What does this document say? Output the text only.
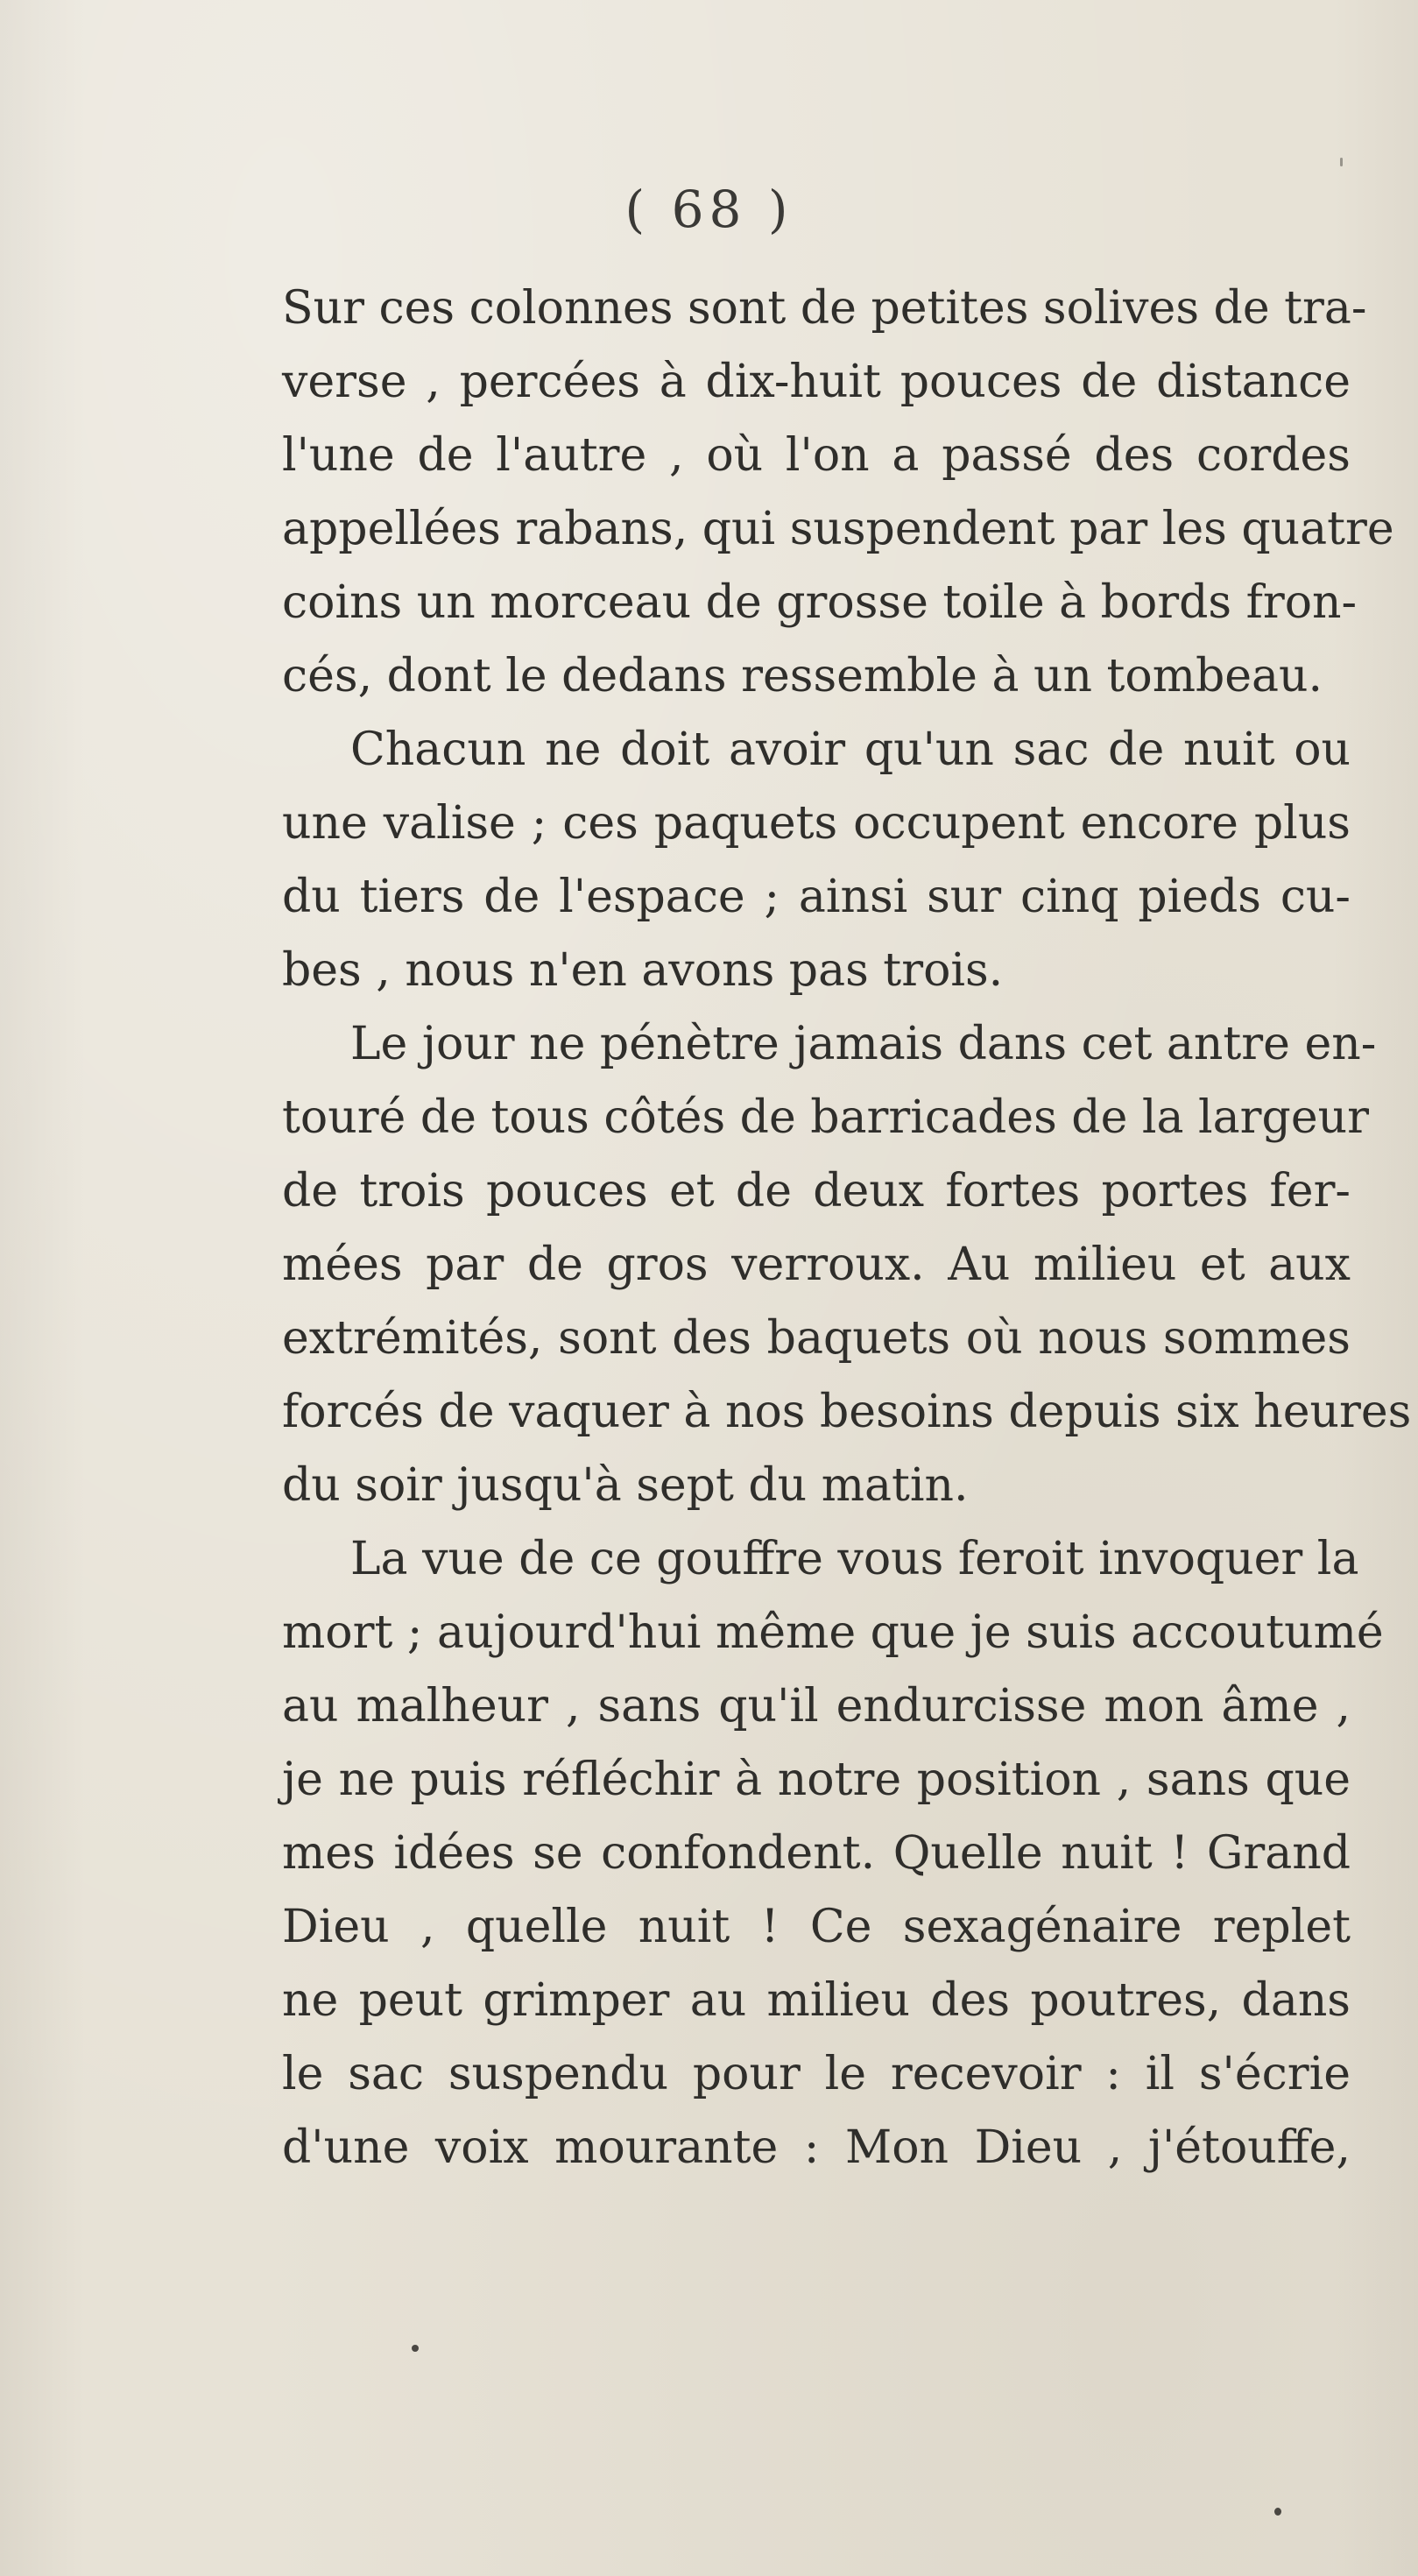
( 68 )
Sur ces colonnes sont de petites solives de tra-
verse , percées à dix-huit pouces de distance
l'une de l'autre , où l'on a passé des cordes
appellées rabans, qui suspendent par les quatre
coins un morceau de grosse toile à bords fron-
cés, dont le dedans ressemble à un tombeau.
Chacun ne doit avoir qu'un sac de nuit ou
une valise ; ces paquets occupent encore plus
du tiers de l'espace ; ainsi sur cinq pieds cu-
bes , nous n'en avons pas trois.
Le jour ne pénètre jamais dans cet antre en-
touré de tous côtés de barricades de la largeur
de trois pouces et de deux fortes portes fer-
mées par de gros verroux. Au milieu et aux
extrémités, sont des baquets où nous sommes
forcés de vaquer à nos besoins depuis six heures
du soir jusqu'à sept du matin.
La vue de ce gouffre vous feroit invoquer la
mort ; aujourd'hui même que je suis accoutumé
au malheur , sans qu'il endurcisse mon âme ,
je ne puis réfléchir à notre position , sans que
mes idées se confondent. Quelle nuit ! Grand
Dieu , quelle nuit ! Ce sexagénaire replet
ne peut grimper au milieu des poutres, dans
le sac suspendu pour le recevoir : il s'écrie
d'une voix mourante : Mon Dieu , j'étouffe,
